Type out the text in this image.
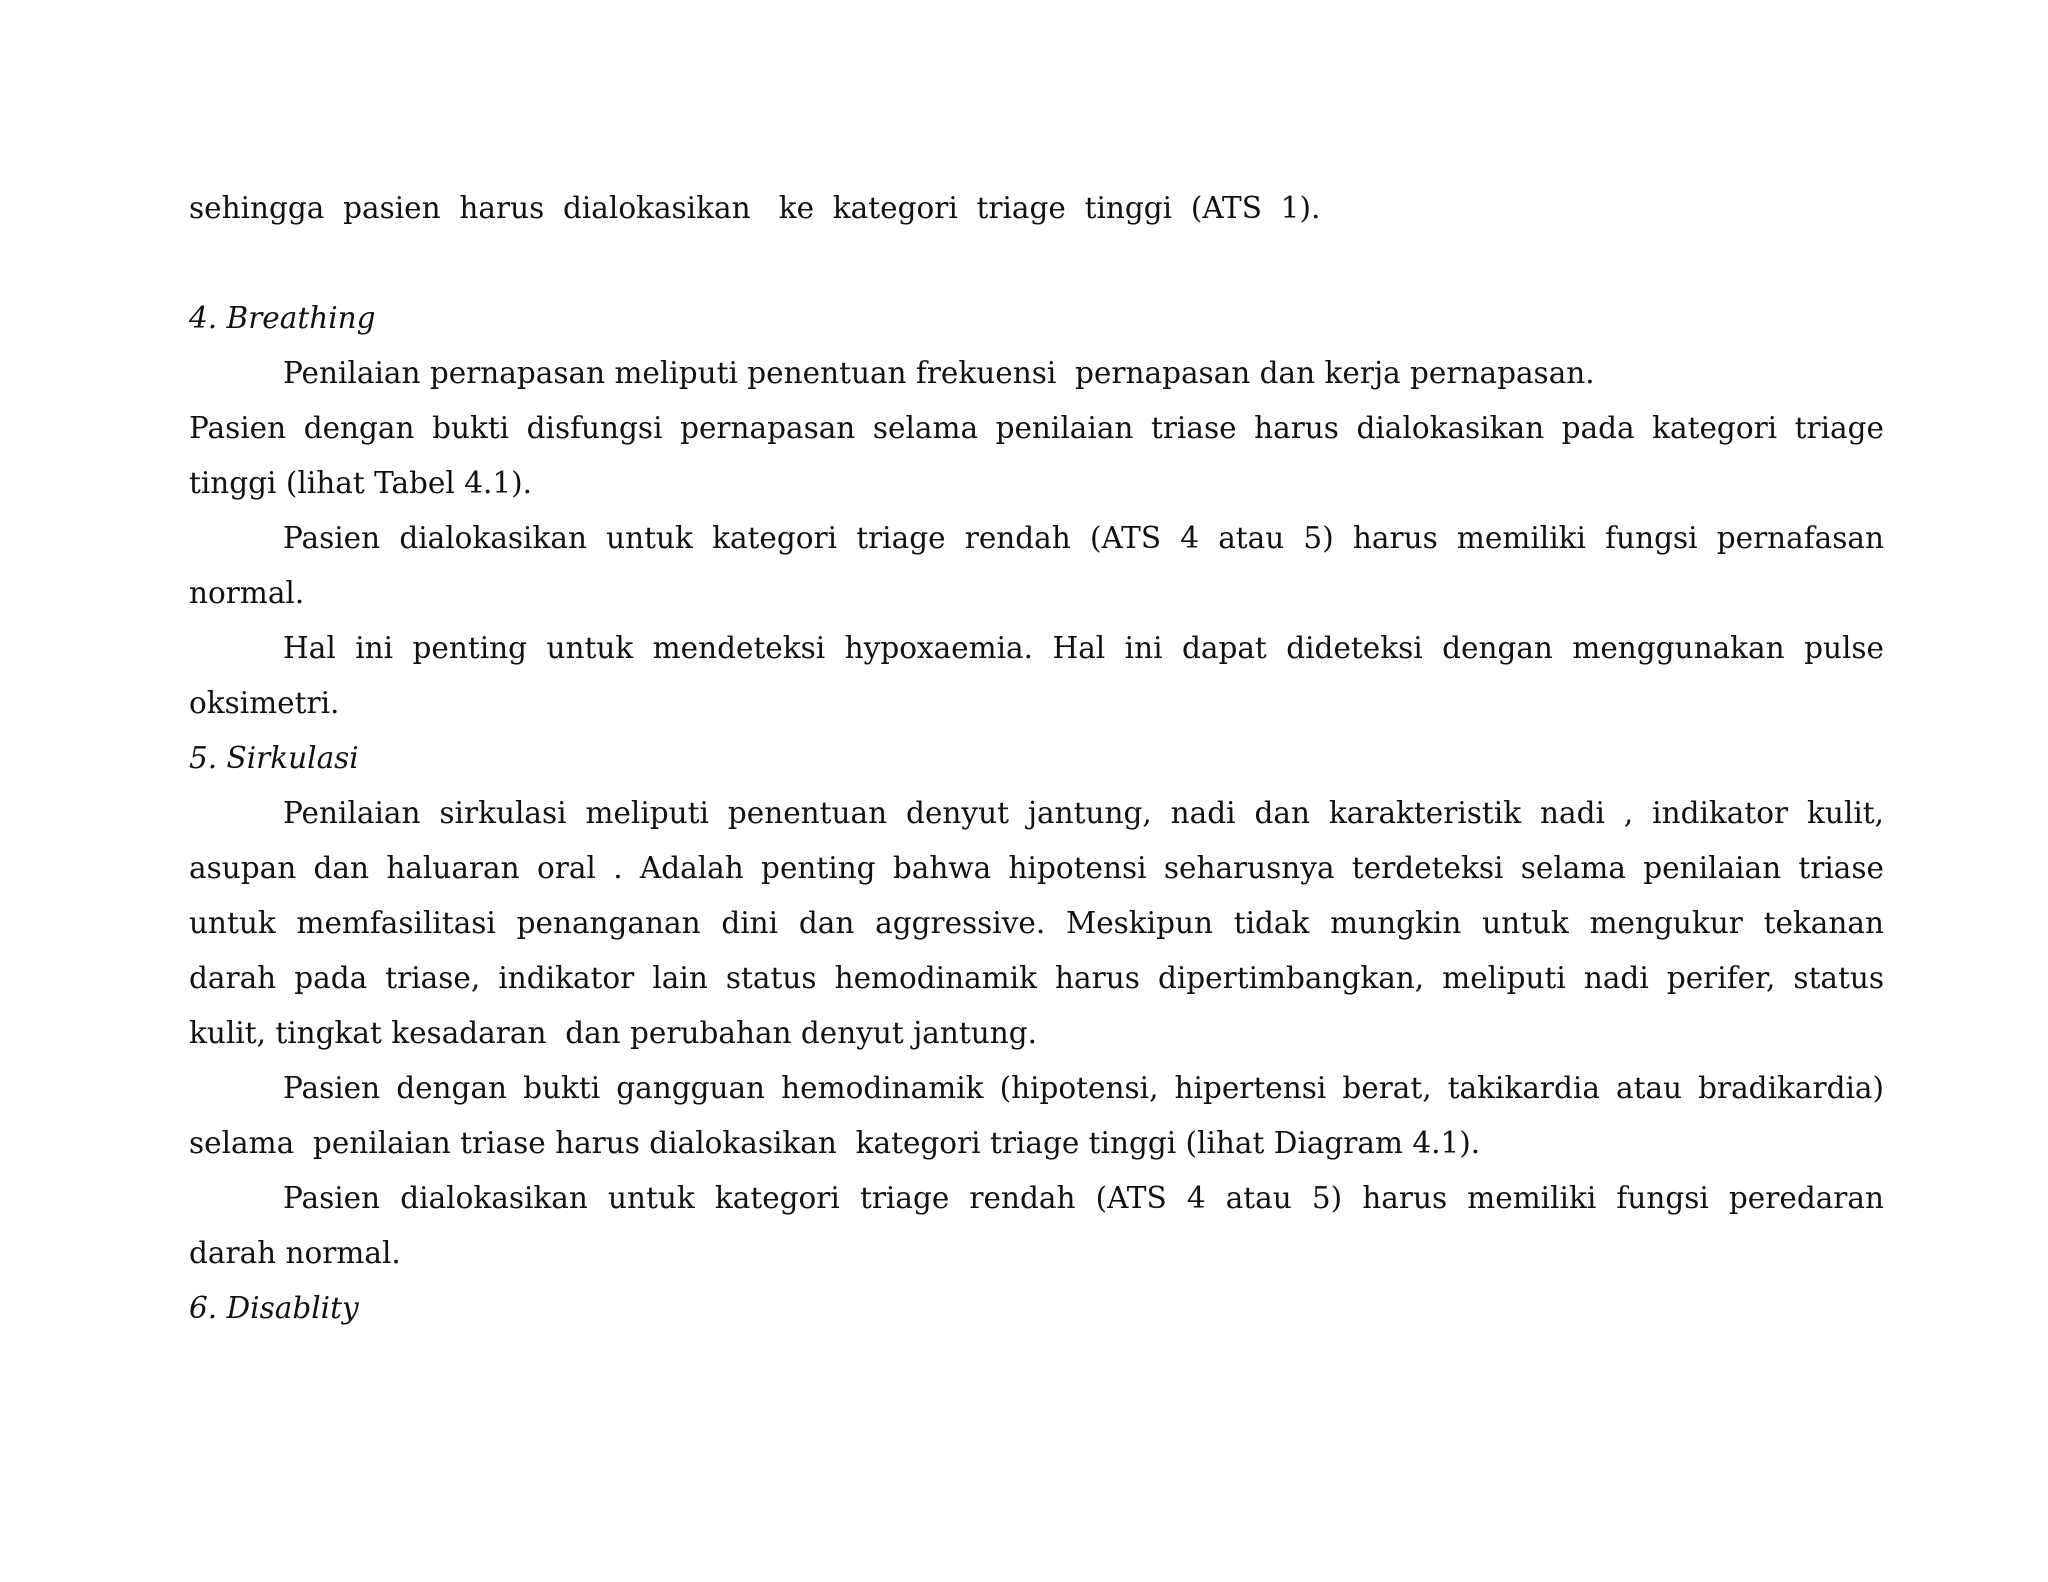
sehingga  pasien  harus  dialokasikan   ke  kategori  triage  tinggi  (ATS  1).
4. Breathing
Penilaian pernapasan meliputi penentuan frekuensi  pernapasan dan kerja pernapasan.
Pasien dengan bukti disfungsi pernapasan selama penilaian triase harus dialokasikan pada kategori triage
tinggi (lihat Tabel 4.1).
Pasien dialokasikan untuk kategori triage rendah (ATS 4 atau 5) harus memiliki fungsi pernafasan
normal.
Hal ini penting untuk mendeteksi hypoxaemia. Hal ini dapat dideteksi dengan menggunakan pulse
oksimetri.
5. Sirkulasi
Penilaian sirkulasi meliputi penentuan denyut jantung, nadi dan karakteristik nadi , indikator kulit,
asupan dan haluaran oral . Adalah penting bahwa hipotensi seharusnya terdeteksi selama penilaian triase
untuk memfasilitasi penanganan dini dan aggressive. Meskipun tidak mungkin untuk mengukur tekanan
darah pada triase, indikator lain status hemodinamik harus dipertimbangkan, meliputi nadi perifer, status
kulit, tingkat kesadaran  dan perubahan denyut jantung.
Pasien dengan bukti gangguan hemodinamik (hipotensi, hipertensi berat, takikardia atau bradikardia)
selama  penilaian triase harus dialokasikan  kategori triage tinggi (lihat Diagram 4.1).
Pasien dialokasikan untuk kategori triage rendah (ATS 4 atau 5) harus memiliki fungsi peredaran
darah normal.
6. Disablity
